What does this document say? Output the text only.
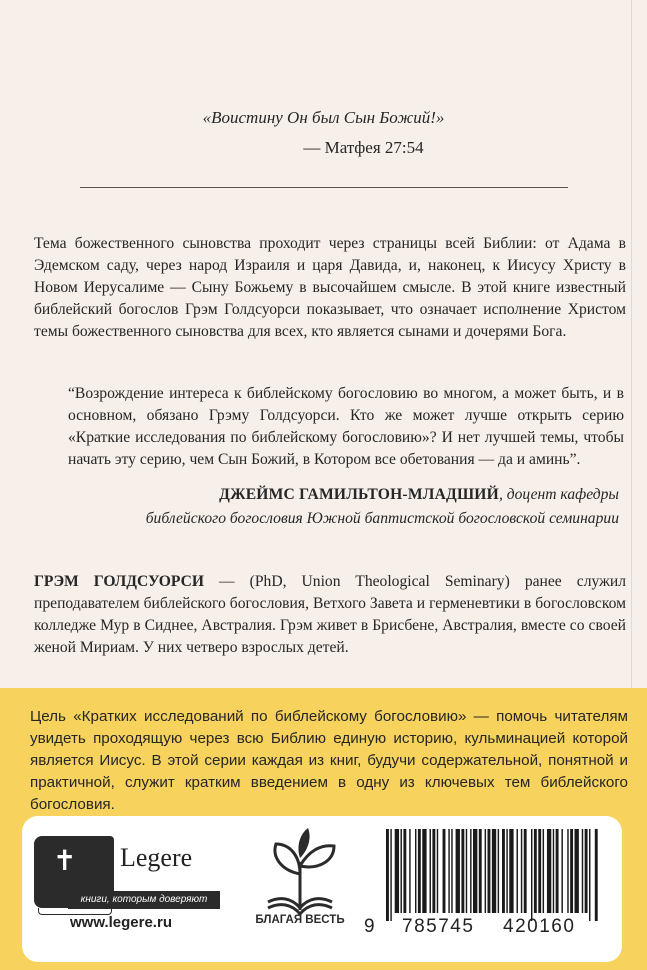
«Воистину Он был Сын Божий!»
— Матфея 27:54
Тема божественного сыновства проходит через страницы всей Библии: от Адама в Эдемском саду, через народ Израиля и царя Давида, и, наконец, к Иисусу Христу в Новом Иерусалиме — Сыну Божьему в высочайшем смысле. В этой книге известный библейский богослов Грэм Голдсуорси показывает, что означает исполнение Христом темы божественного сыновства для всех, кто является сынами и дочерями Бога.
“Возрождение интереса к библейскому богословию во многом, а может быть, и в основном, обязано Грэму Голдсуорси. Кто же может лучше открыть серию «Краткие исследования по библейскому богословию»? И нет лучшей темы, чтобы начать эту серию, чем Сын Божий, в Котором все обетования — да и аминь”.
ДЖЕЙМС ГАМИЛЬТОН-МЛАДШИЙ, доцент кафедры
библейского богословия Южной баптистской богословской семинарии
ГРЭМ ГОЛДСУОРСИ — (PhD, Union Theological Seminary) ранее служил преподавателем библейского богословия, Ветхого Завета и герменевтики в богословском колледже Мур в Сиднее, Австралия. Грэм живет в Брисбене, Австралия, вместе со своей женой Мириам. У них четверо взрослых детей.
Цель «Кратких исследований по библейскому богословию» — помочь читателям увидеть проходящую через всю Библию единую историю, кульминацией которой является Иисус. В этой серии каждая из книг, будучи содержательной, понятной и практичной, служит кратким введением в одну из ключевых тем библейского богословия.
✝ Legere
книги, которым доверяют
www.legere.ru	БЛАГАЯ ВЕСТЬ	9 785745 420160
